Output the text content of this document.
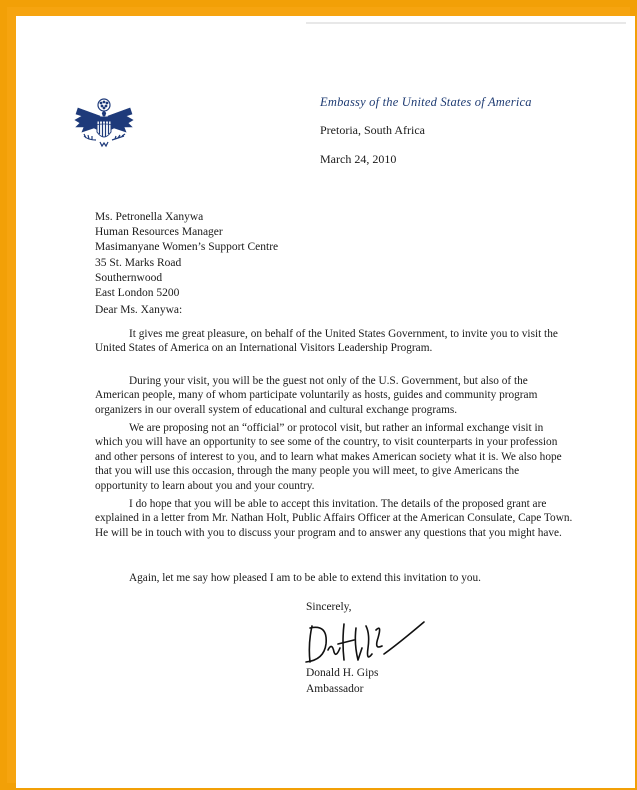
Embassy of the United States of America
Pretoria, South Africa
March 24, 2010
Ms. Petronella Xanywa
Human Resources Manager
Masimanyane Women’s Support Centre
35 St. Marks Road
Southernwood
East London 5200
Dear Ms. Xanywa:

It gives me great pleasure, on behalf of the United States Government, to invite you to visit the United States of America on an International Visitors Leadership Program.

During your visit, you will be the guest not only of the U.S. Government, but also of the American people, many of whom participate voluntarily as hosts, guides and community program organizers in our overall system of educational and cultural exchange programs.

We are proposing not an “official” or protocol visit, but rather an informal exchange visit in which you will have an opportunity to see some of the country, to visit counterparts in your profession and other persons of interest to you, and to learn what makes American society what it is. We also hope that you will use this occasion, through the many people you will meet, to give Americans the opportunity to learn about you and your country.

I do hope that you will be able to accept this invitation. The details of the proposed grant are explained in a letter from Mr. Nathan Holt, Public Affairs Officer at the American Consulate, Cape Town. He will be in touch with you to discuss your program and to answer any questions that you might have.

Again, let me say how pleased I am to be able to extend this invitation to you.

Sincerely,
Donald H. Gips
Ambassador
